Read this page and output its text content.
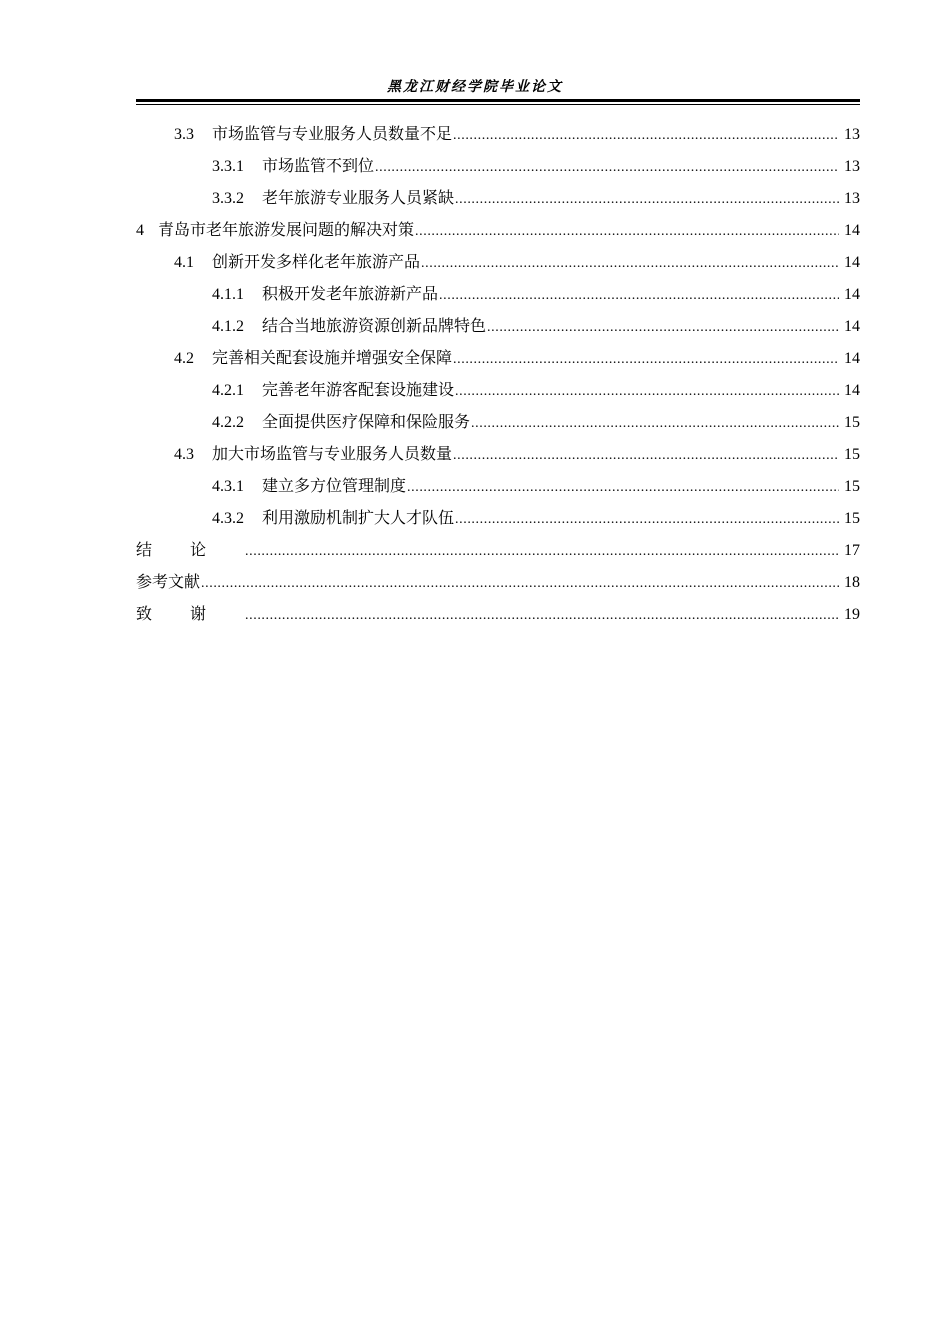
黑龙江财经学院毕业论文
3.3 市场监管与专业服务人员数量不足 .....	13
3.3.1 市场监管不到位 .....	13
3.3.2 老年旅游专业服务人员紧缺 .....	13
4 青岛市老年旅游发展问题的解决对策 .....	14
4.1 创新开发多样化老年旅游产品 .....	14
4.1.1 积极开发老年旅游新产品 .....	14
4.1.2 结合当地旅游资源创新品牌特色 .....	14
4.2 完善相关配套设施并增强安全保障 .....	14
4.2.1 完善老年游客配套设施建设 .....	14
4.2.2 全面提供医疗保障和保险服务 .....	15
4.3 加大市场监管与专业服务人员数量 .....	15
4.3.1 建立多方位管理制度 .....	15
4.3.2 利用激励机制扩大人才队伍 .....	15
结论 .....	17
参考文献 .....	18
致谢 .....	19
